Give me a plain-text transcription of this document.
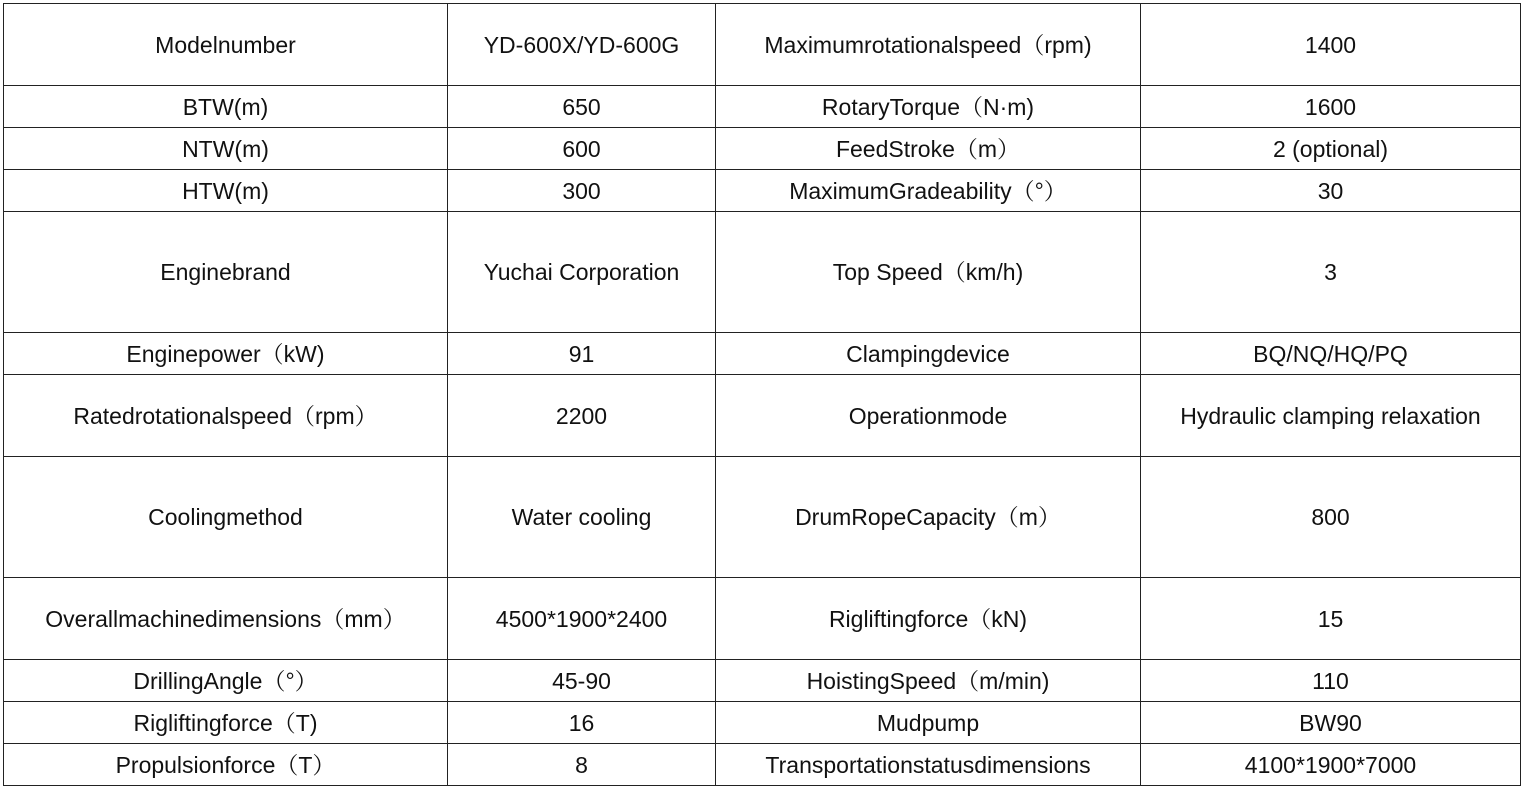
Modelnumber	YD-600X/YD-600G	Maximumrotationalspeed（rpm)	1400
BTW(m)	650	RotaryTorque（N·m)	1600
NTW(m)	600	FeedStroke（m）	2 (optional)
HTW(m)	300	MaximumGradeability（°）	30
Enginebrand	Yuchai Corporation	Top Speed（km/h)	3
Enginepower（kW)	91	Clampingdevice	BQ/NQ/HQ/PQ
Ratedrotationalspeed（rpm）	2200	Operationmode	Hydraulic clamping relaxation
Coolingmethod	Water cooling	DrumRopeCapacity（m）	800
Overallmachinedimensions（mm）	4500*1900*2400	Rigliftingforce（kN)	15
DrillingAngle（°）	45-90	HoistingSpeed（m/min)	110
Rigliftingforce（T)	16	Mudpump	BW90
Propulsionforce（T）	8	Transportationstatusdimensions	4100*1900*7000
